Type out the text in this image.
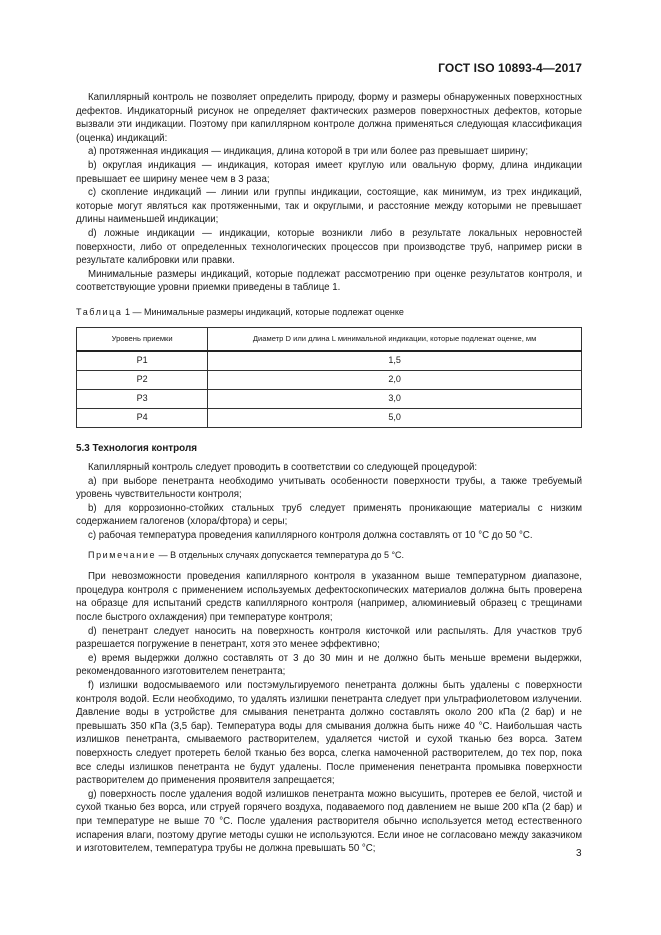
ГОСТ ISO 10893-4—2017

Капиллярный контроль не позволяет определить природу, форму и размеры обнаруженных поверхностных дефектов. Индикаторный рисунок не определяет фактических размеров поверхностных дефектов, которые вызвали эти индикации. Поэтому при капиллярном контроле должна применяться следующая классификация (оценка) индикаций:

a) протяженная индикация — индикация, длина которой в три или более раз превышает ширину;

b) округлая индикация — индикация, которая имеет круглую или овальную форму, длина индикации превышает ее ширину менее чем в 3 раза;

c) скопление индикаций — линии или группы индикации, состоящие, как минимум, из трех индикаций, которые могут являться как протяженными, так и округлыми, и расстояние между которыми не превышает длины наименьшей индикации;

d) ложные индикации — индикации, которые возникли либо в результате локальных неровностей поверхности, либо от определенных технологических процессов при производстве труб, например риски в результате калибровки или правки.

Минимальные размеры индикаций, которые подлежат рассмотрению при оценке результатов контроля, и соответствующие уровни приемки приведены в таблице 1.

Таблица 1 — Минимальные размеры индикаций, которые подлежат оценке
Уровень приемки	Диаметр D или длина L минимальной индикации, которые подлежат оценке, мм
P1	1,5
P2	2,0
P3	3,0
P4	5,0
5.3 Технология контроля

Капиллярный контроль следует проводить в соответствии со следующей процедурой:

a) при выборе пенетранта необходимо учитывать особенности поверхности трубы, а также требуемый уровень чувствительности контроля;

b) для коррозионно-стойких стальных труб следует применять проникающие материалы с низким содержанием галогенов (хлора/фтора) и серы;

c) рабочая температура проведения капиллярного контроля должна составлять от 10 °С до 50 °С.

Примечание — В отдельных случаях допускается температура до 5 °С.

При невозможности проведения капиллярного контроля в указанном выше температурном диапазоне, процедура контроля с применением используемых дефектоскопических материалов должна быть проверена на образце для испытаний средств капиллярного контроля (например, алюминиевый образец с трещинами после быстрого охлаждения) при температуре контроля;

d) пенетрант следует наносить на поверхность контроля кисточкой или распылять. Для участков труб разрешается погружение в пенетрант, хотя это менее эффективно;

e) время выдержки должно составлять от 3 до 30 мин и не должно быть меньше времени выдержки, рекомендованного изготовителем пенетранта;

f) излишки водосмываемого или постэмульгируемого пенетранта должны быть удалены с поверхности контроля водой. Если необходимо, то удалять излишки пенетранта следует при ультрафиолетовом излучении. Давление воды в устройстве для смывания пенетранта должно составлять около 200 кПа (2 бар) и не превышать 350 кПа (3,5 бар). Температура воды для смывания должна быть ниже 40 °С. Наибольшая часть излишков пенетранта, смываемого растворителем, удаляется чистой и сухой тканью без ворса. Затем поверхность следует протереть белой тканью без ворса, слегка намоченной растворителем, до тех пор, пока все следы излишков пенетранта не будут удалены. После применения пенетранта промывка поверхности растворителем до применения проявителя запрещается;

g) поверхность после удаления водой излишков пенетранта можно высушить, протерев ее белой, чистой и сухой тканью без ворса, или струей горячего воздуха, подаваемого под давлением не выше 200 кПа (2 бар) и при температуре не выше 70 °С. После удаления растворителя обычно используется метод естественного испарения влаги, поэтому другие методы сушки не используются. Если иное не согласовано между заказчиком и изготовителем, температура трубы не должна превышать 50 °С;	3
